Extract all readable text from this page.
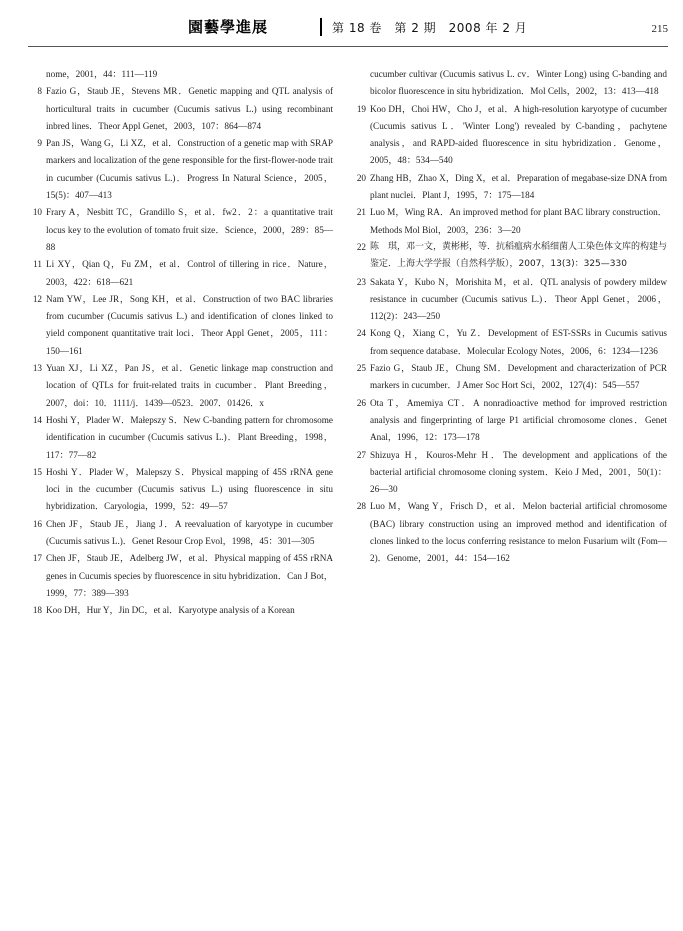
園藝學進展	第 18 卷　第 2 期　2008 年 2 月	215
nome，2001，44：111—119
8 Fazio G，Staub JE，Stevens MR．Genetic mapping and QTL analysis of horticultural traits in cucumber (Cucumis sativus L.) using recombinant inbred lines．Theor Appl Genet，2003，107：864—874
9 Pan JS，Wang G，Li XZ，et al．Construction of a genetic map with SRAP markers and localization of the gene responsible for the first-flower-node trait in cucumber (Cucumis sativus L.)．Progress In Natural Science，2005，15(5)：407—413
10 Frary A，Nesbitt TC，Grandillo S，et al．fw2．2：a quantitative trait locus key to the evolution of tomato fruit size．Science，2000，289：85—88
11 Li XY，Qian Q，Fu ZM，et al．Control of tillering in rice．Nature，2003，422：618—621
12 Nam YW，Lee JR，Song KH，et al．Construction of two BAC libraries from cucumber (Cucumis sativus L.) and identification of clones linked to yield component quantitative trait loci．Theor Appl Genet，2005，111：150—161
13 Yuan XJ，Li XZ，Pan JS，et al．Genetic linkage map construction and location of QTLs for fruit-related traits in cucumber．Plant Breeding，2007，doi：10．1111/j．1439—0523．2007．01426．x
14 Hoshi Y，Plader W．Małepszy S．New C-banding pattern for chromosome identification in cucumber (Cucumis sativus L.)．Plant Breeding，1998，117：77—82
15 Hoshi Y．Plader W，Malepszy S．Physical mapping of 45S rRNA gene loci in the cucumber (Cucumis sativus L.) using fluorescence in situ hybridization．Caryologia，1999，52：49—57
16 Chen JF，Staub JE，Jiang J．A reevaluation of karyotype in cucumber (Cucumis sativus L.)．Genet Resour Crop Evol，1998，45：301—305
17 Chen JF，Staub JE，Adelberg JW，et al．Physical mapping of 45S rRNA genes in Cucumis species by fluorescence in situ hybridization．Can J Bot，1999，77：389—393
18 Koo DH，Hur Y，Jin DC，et al．Karyotype analysis of a Korean
cucumber cultivar (Cucumis sativus L. cv．Winter Long) using C-banding and bicolor fluorescence in situ hybridization．Mol Cells，2002，13：413—418
19 Koo DH，Choi HW，Cho J，et al．A high-resolution karyotype of cucumber (Cucumis sativus L．'Winter Long') revealed by C-banding，pachytene analysis，and RAPD-aided fluorescence in situ hybridization．Genome，2005，48：534—540
20 Zhang HB，Zhao X，Ding X，et al．Preparation of megabase-size DNA from plant nuclei．Plant J，1995，7：175—184
21 Luo M，Wing RA．An improved method for plant BAC library construction．Methods Mol Biol，2003，236：3—20
22 陈　琪，邓一文，黄彬彬，等．抗稻瘟病水稻细菌人工染色体文库的构建与鉴定．上海大学学报（自然科学版），2007，13(3)：325—330
23 Sakata Y，Kubo N，Morishita M，et al．QTL analysis of powdery mildew resistance in cucumber (Cucumis sativus L.)．Theor Appl Genet，2006，112(2)：243—250
24 Kong Q，Xiang C，Yu Z．Development of EST-SSRs in Cucumis sativus from sequence database．Molecular Ecology Notes，2006，6：1234—1236
25 Fazio G，Staub JE，Chung SM．Development and characterization of PCR markers in cucumber．J Amer Soc Hort Sci，2002，127(4)：545—557
26 Ota T，Amemiya CT．A nonradioactive method for improved restriction analysis and fingerprinting of large P1 artificial chromosome clones．Genet Anal，1996，12：173—178
27 Shizuya H，Kouros-Mehr H．The development and applications of the bacterial artificial chromosome cloning system．Keio J Med，2001，50(1)：26—30
28 Luo M，Wang Y，Frisch D，et al．Melon bacterial artificial chromosome (BAC) library construction using an improved method and identification of clones linked to the locus conferring resistance to melon Fusarium wilt (Fom—2)．Genome，2001，44：154—162
